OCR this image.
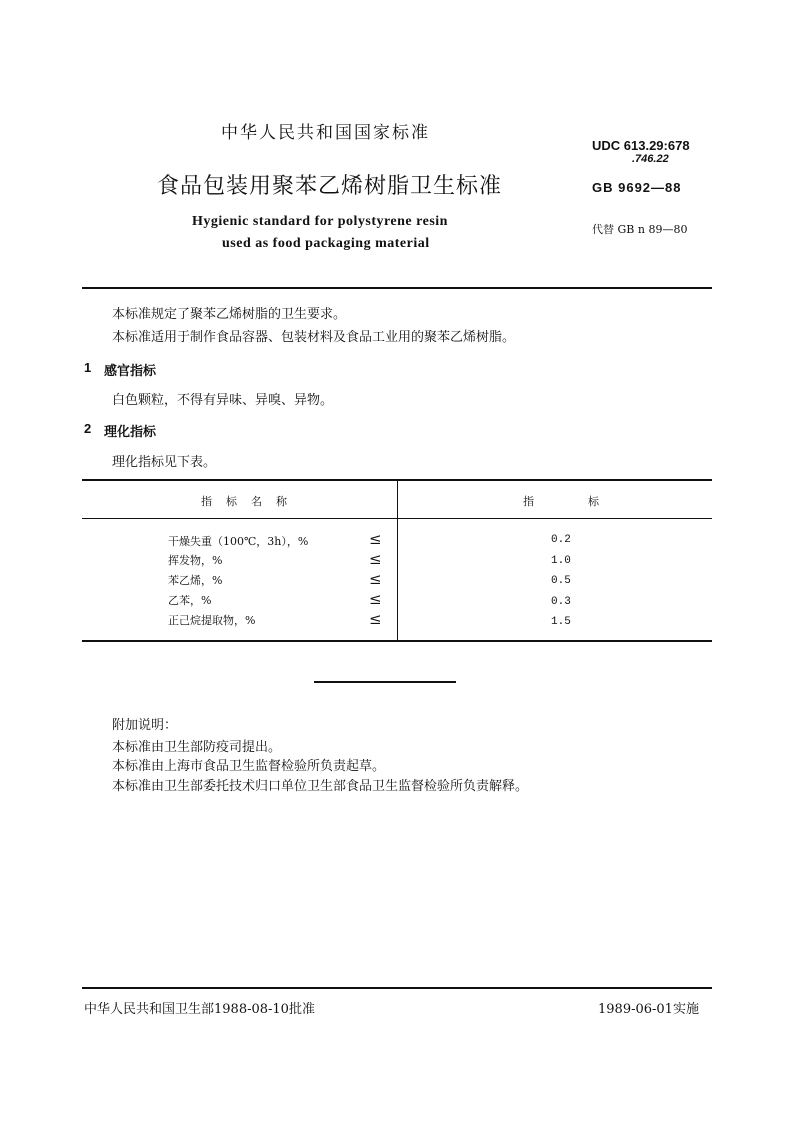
中华人民共和国国家标准
食品包装用聚苯乙烯树脂卫生标准
Hygienic standard for polystyrene resin
used as food packaging material
UDC 613.29:678
.746.22
GB 9692—88
代替 GB n 89—80
本标准规定了聚苯乙烯树脂的卫生要求。
本标准适用于制作食品容器、包装材料及食品工业用的聚苯乙烯树脂。
1 感官指标
白色颗粒，不得有异味、异嗅、异物。
2 理化指标
理化指标见下表。
指标名称	指标
干燥失重（100℃，3h），%	≤	0.2
挥发物，%	≤	1.0
苯乙烯，%	≤	0.5
乙苯，%	≤	0.3
正己烷提取物，%	≤	1.5
附加说明：
本标准由卫生部防疫司提出。
本标准由上海市食品卫生监督检验所负责起草。
本标准由卫生部委托技术归口单位卫生部食品卫生监督检验所负责解释。
中华人民共和国卫生部1988-08-10批准	1989-06-01实施
